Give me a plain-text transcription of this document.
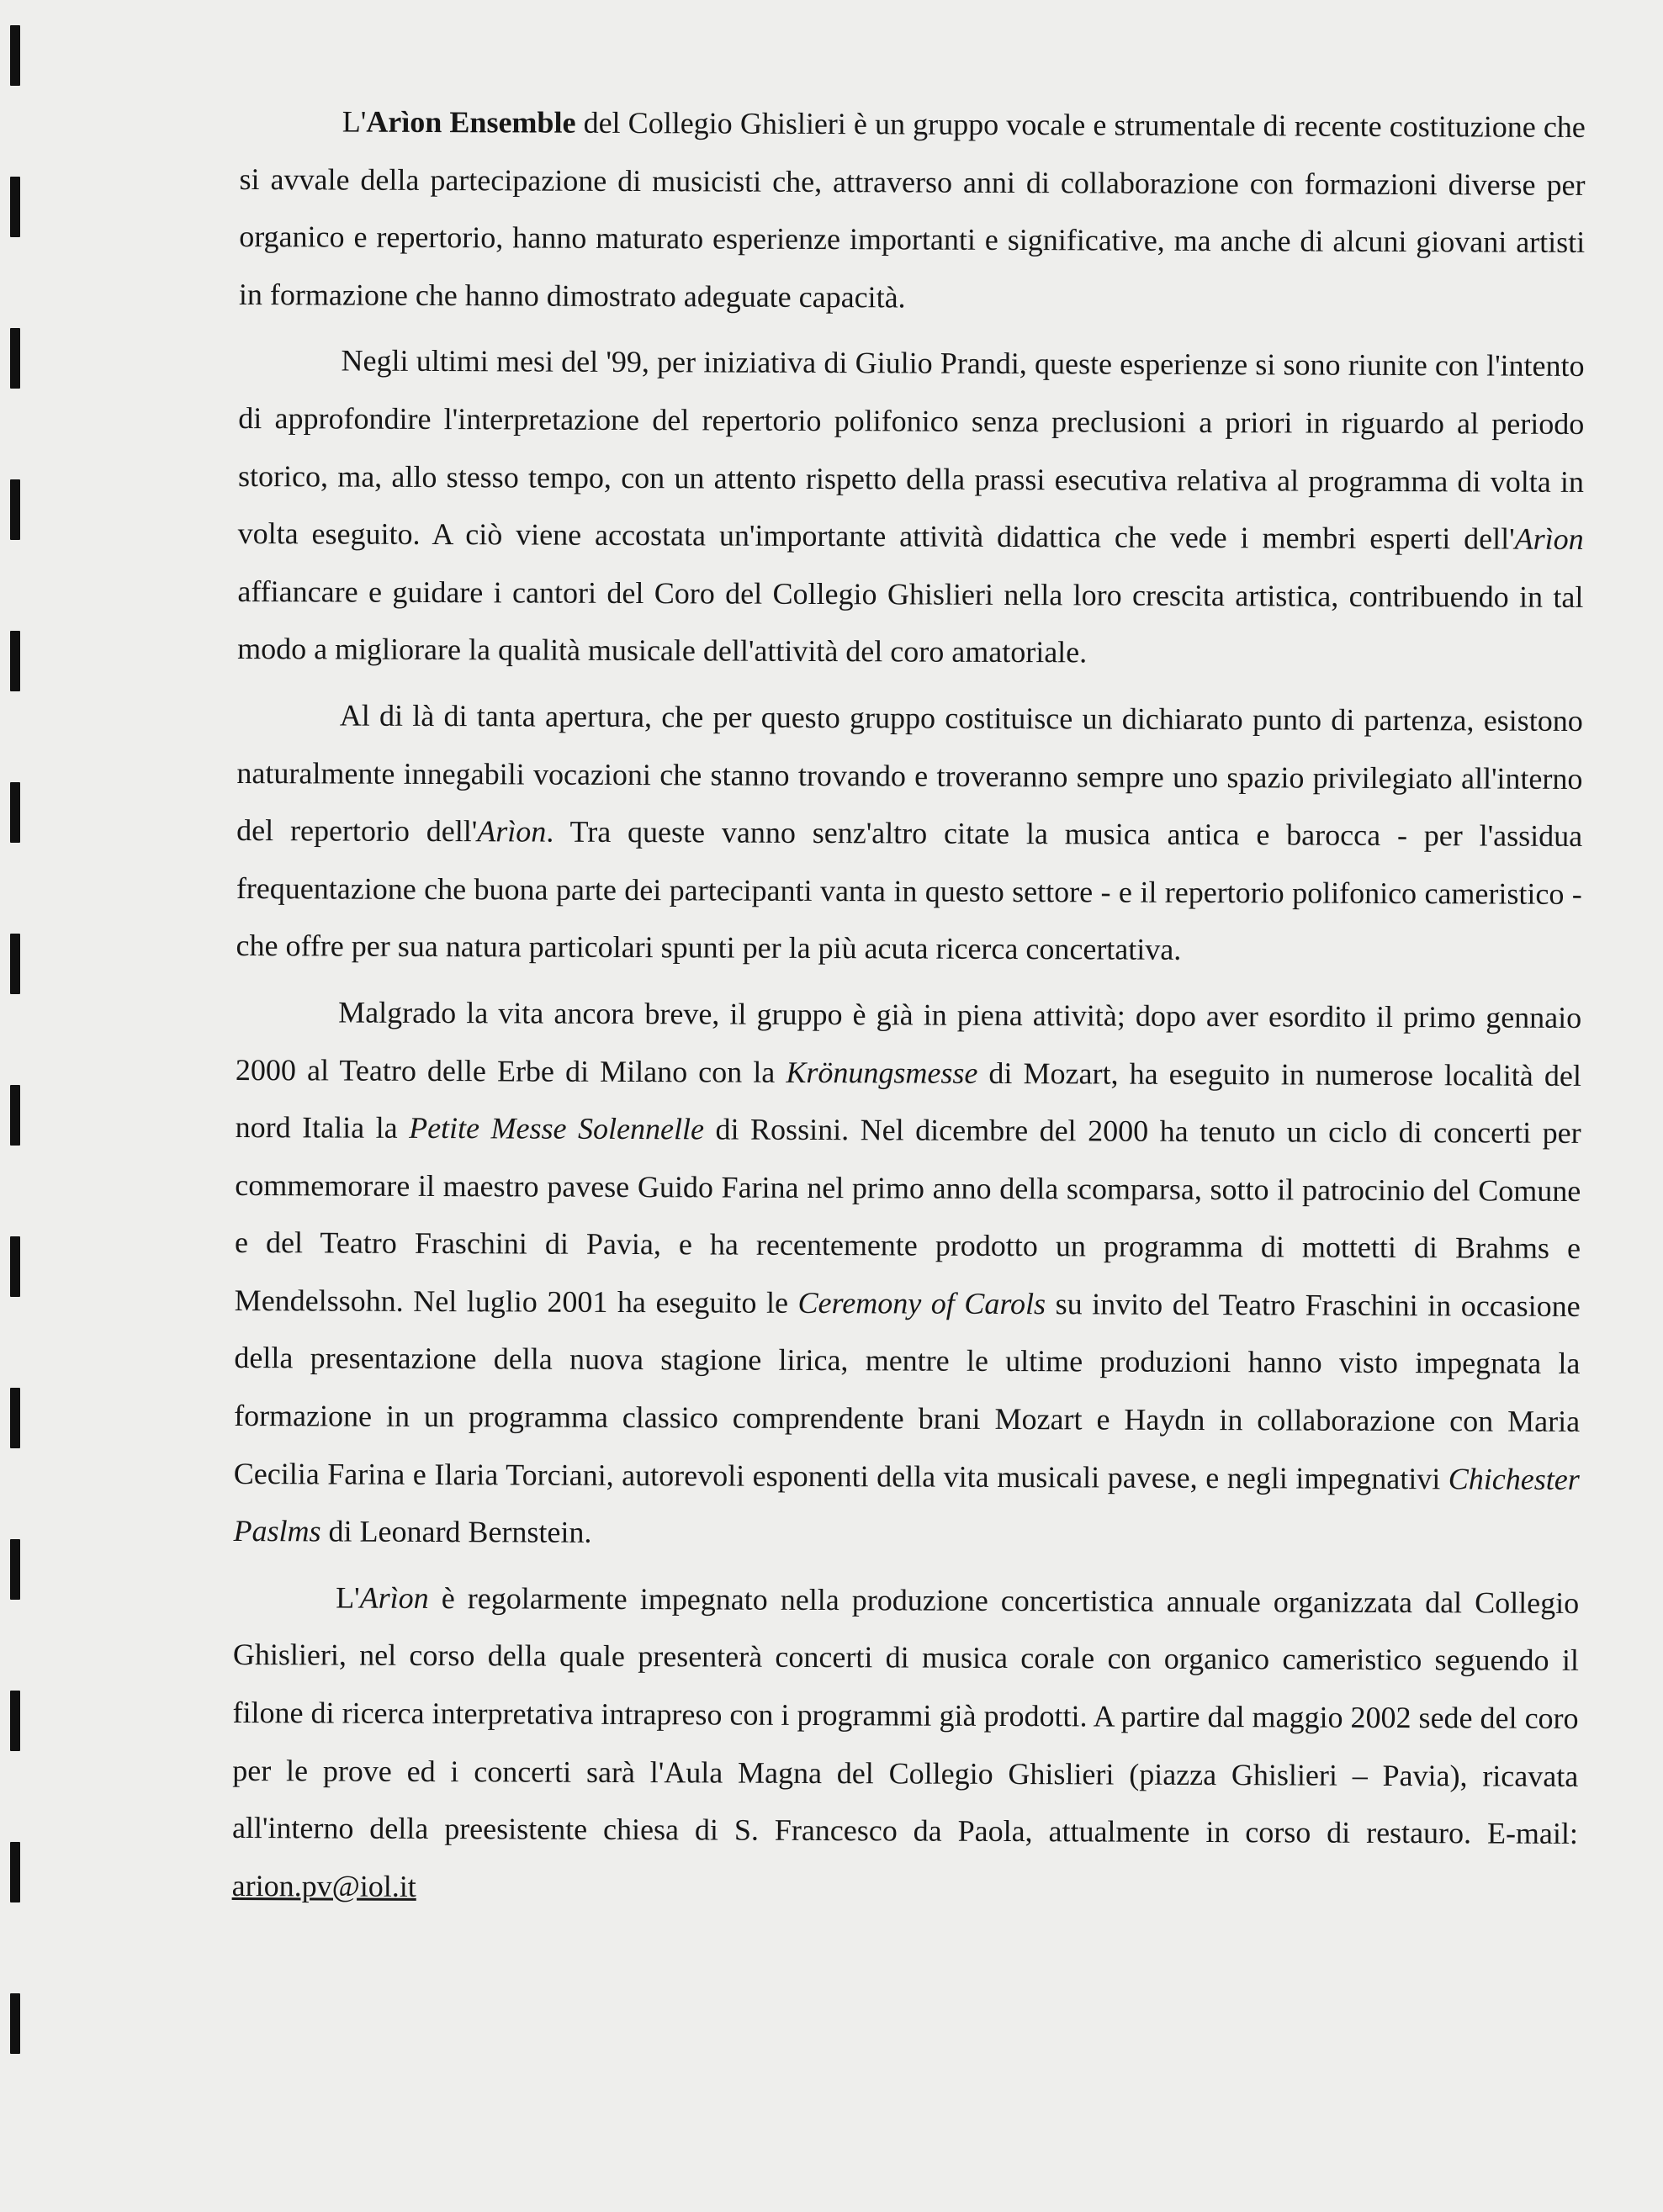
L'Arìon Ensemble del Collegio Ghislieri è un gruppo vocale e strumentale di recente costituzione che si avvale della partecipazione di musicisti che, attraverso anni di collaborazione con formazioni diverse per organico e repertorio, hanno maturato esperienze importanti e significative, ma anche di alcuni giovani artisti in formazione che hanno dimostrato adeguate capacità.

Negli ultimi mesi del '99, per iniziativa di Giulio Prandi, queste esperienze si sono riunite con l'intento di approfondire l'interpretazione del repertorio polifonico senza preclusioni a priori in riguardo al periodo storico, ma, allo stesso tempo, con un attento rispetto della prassi esecutiva relativa al programma di volta in volta eseguito. A ciò viene accostata un'importante attività didattica che vede i membri esperti dell'Arìon affiancare e guidare i cantori del Coro del Collegio Ghislieri nella loro crescita artistica, contribuendo in tal modo a migliorare la qualità musicale dell'attività del coro amatoriale.

Al di là di tanta apertura, che per questo gruppo costituisce un dichiarato punto di partenza, esistono naturalmente innegabili vocazioni che stanno trovando e troveranno sempre uno spazio privilegiato all'interno del repertorio dell'Arìon. Tra queste vanno senz'altro citate la musica antica e barocca - per l'assidua frequentazione che buona parte dei partecipanti vanta in questo settore - e il repertorio polifonico cameristico - che offre per sua natura particolari spunti per la più acuta ricerca concertativa.

Malgrado la vita ancora breve, il gruppo è già in piena attività; dopo aver esordito il primo gennaio 2000 al Teatro delle Erbe di Milano con la Krönungsmesse di Mozart, ha eseguito in numerose località del nord Italia la Petite Messe Solennelle di Rossini. Nel dicembre del 2000 ha tenuto un ciclo di concerti per commemorare il maestro pavese Guido Farina nel primo anno della scomparsa, sotto il patrocinio del Comune e del Teatro Fraschini di Pavia, e ha recentemente prodotto un programma di mottetti di Brahms e Mendelssohn. Nel luglio 2001 ha eseguito le Ceremony of Carols su invito del Teatro Fraschini in occasione della presentazione della nuova stagione lirica, mentre le ultime produzioni hanno visto impegnata la formazione in un programma classico comprendente brani Mozart e Haydn in collaborazione con Maria Cecilia Farina e Ilaria Torciani, autorevoli esponenti della vita musicali pavese, e negli impegnativi Chichester Paslms di Leonard Bernstein.

L'Arìon è regolarmente impegnato nella produzione concertistica annuale organizzata dal Collegio Ghislieri, nel corso della quale presenterà concerti di musica corale con organico cameristico seguendo il filone di ricerca interpretativa intrapreso con i programmi già prodotti. A partire dal maggio 2002 sede del coro per le prove ed i concerti sarà l'Aula Magna del Collegio Ghislieri (piazza Ghislieri – Pavia), ricavata all'interno della preesistente chiesa di S. Francesco da Paola, attualmente in corso di restauro. E-mail: arion.pv@iol.it
